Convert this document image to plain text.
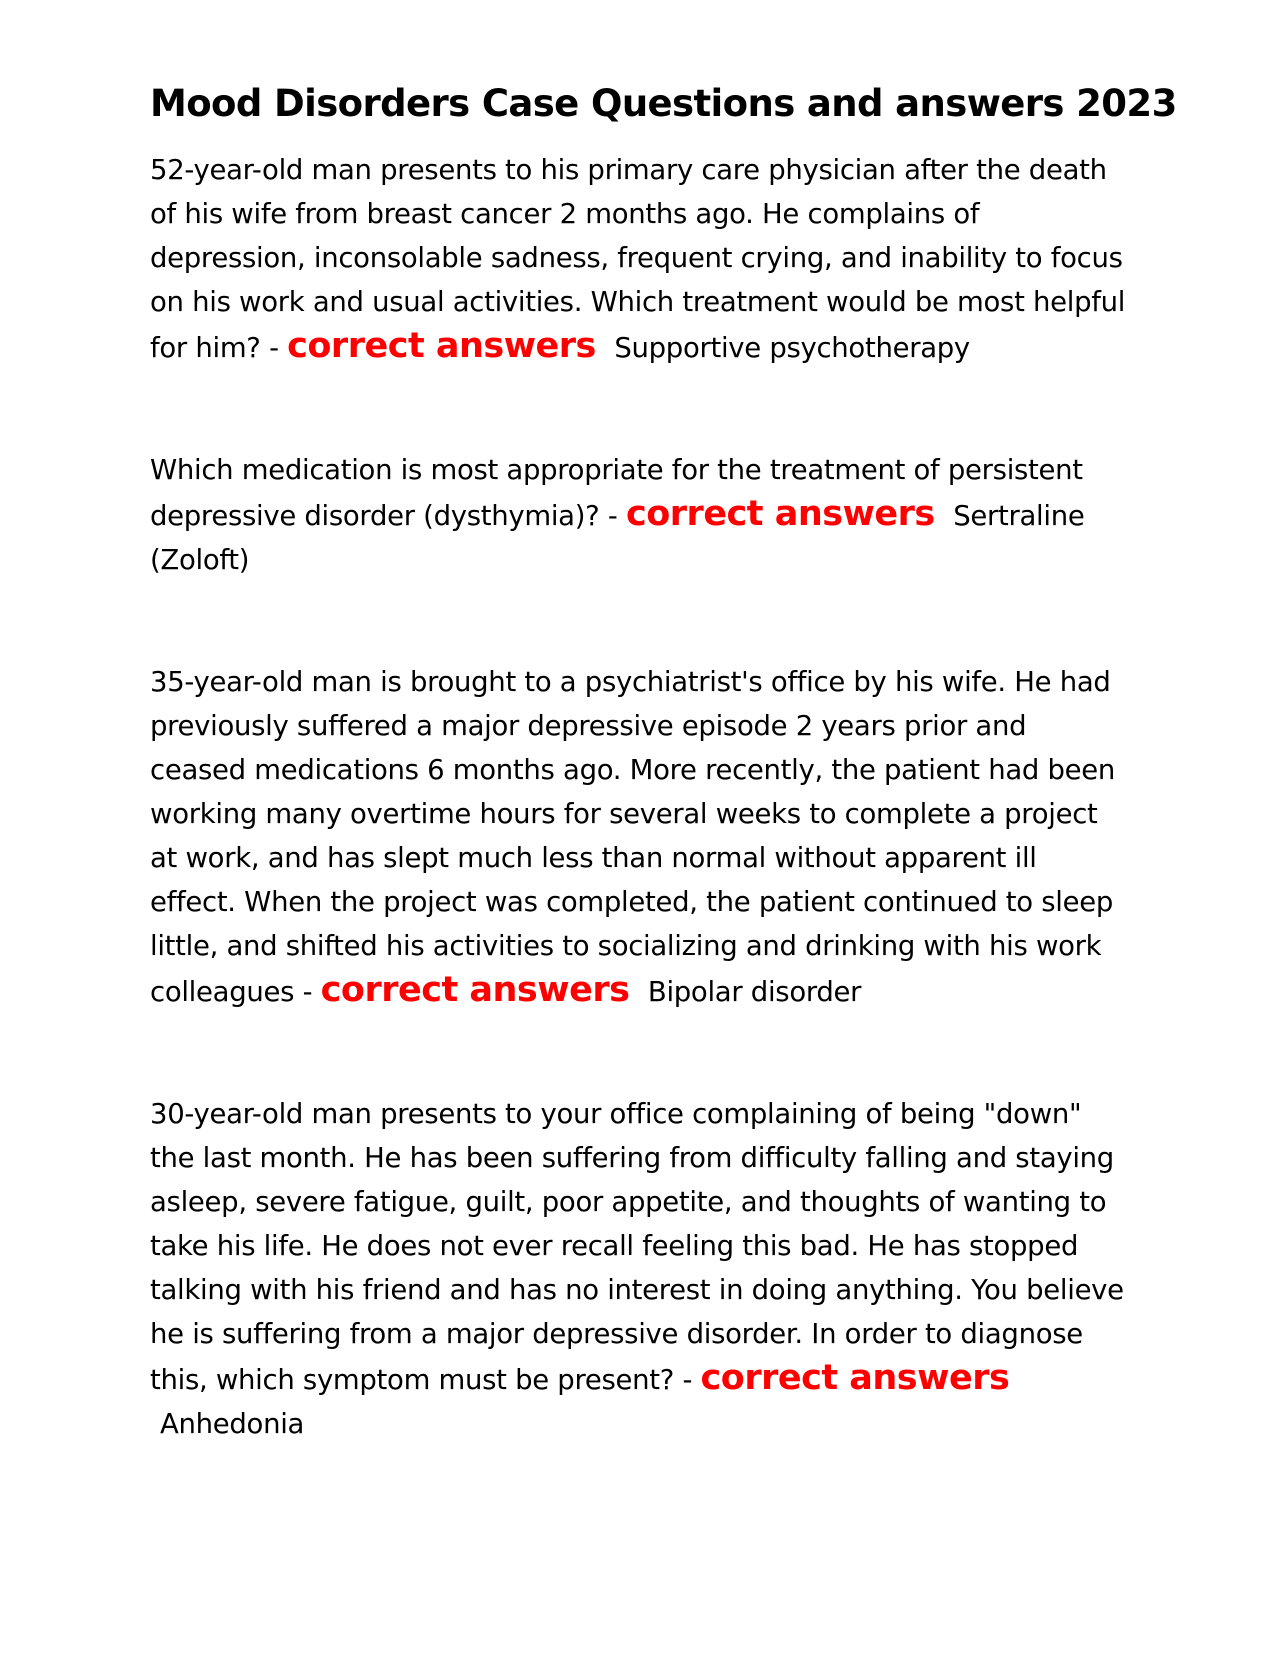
Mood Disorders Case Questions and answers 2023

52-year-old man presents to his primary care physician after the death of his wife from breast cancer 2 months ago. He complains of depression, inconsolable sadness, frequent crying, and inability to focus on his work and usual activities. Which treatment would be most helpful for him? - correct answers Supportive psychotherapy

Which medication is most appropriate for the treatment of persistent depressive disorder (dysthymia)? - correct answers Sertraline (Zoloft)

35-year-old man is brought to a psychiatrist's office by his wife. He had previously suffered a major depressive episode 2 years prior and ceased medications 6 months ago. More recently, the patient had been working many overtime hours for several weeks to complete a project at work, and has slept much less than normal without apparent ill effect. When the project was completed, the patient continued to sleep little, and shifted his activities to socializing and drinking with his work colleagues - correct answers Bipolar disorder

30-year-old man presents to your office complaining of being "down" the last month. He has been suffering from difficulty falling and staying asleep, severe fatigue, guilt, poor appetite, and thoughts of wanting to take his life. He does not ever recall feeling this bad. He has stopped talking with his friend and has no interest in doing anything. You believe he is suffering from a major depressive disorder. In order to diagnose this, which symptom must be present? - correct answers Anhedonia
